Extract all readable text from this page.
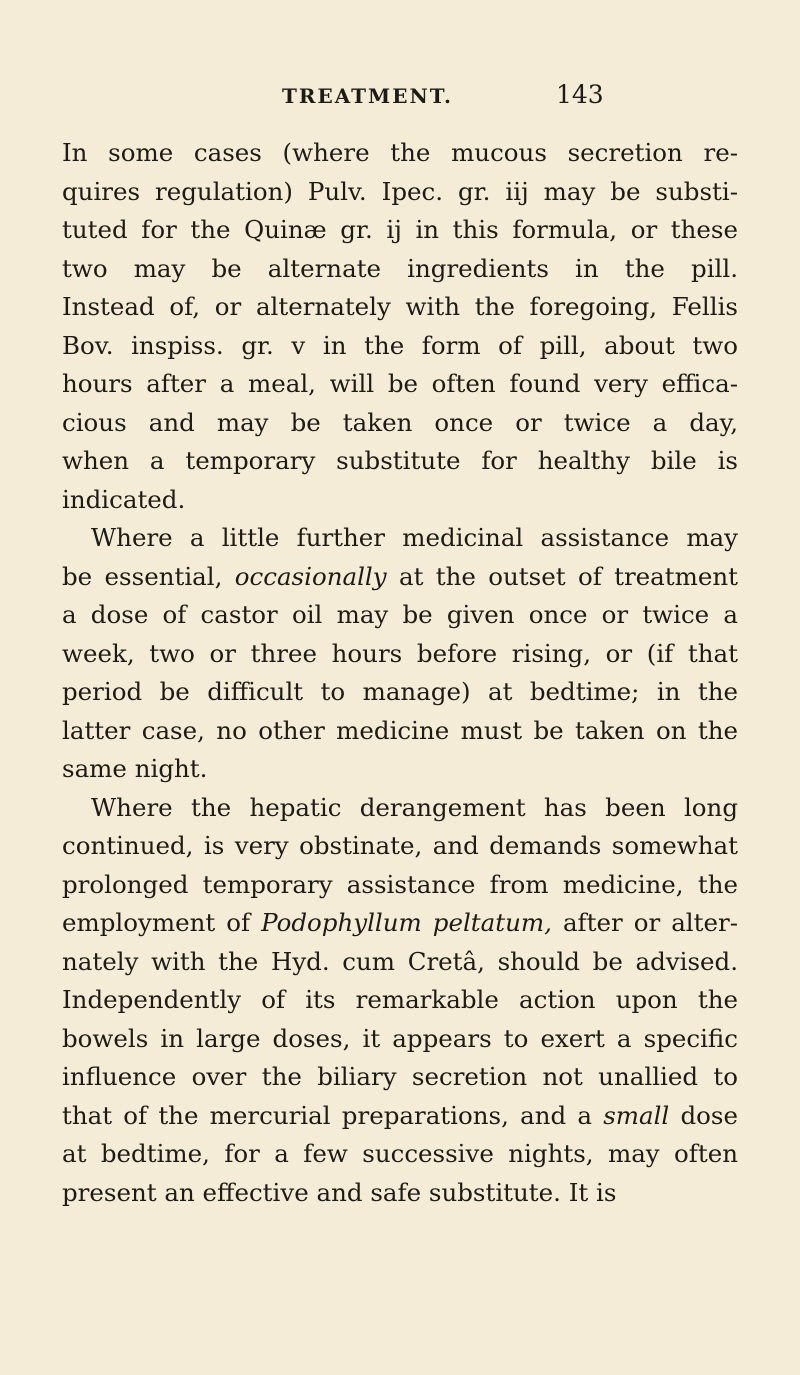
TREATMENT.	143
In some cases (where the mucous secretion re-
quires regulation) Pulv. Ipec. gr. iij may be substi-
tuted for the Quinæ gr. ij in this formula, or these
two may be alternate ingredients in the pill.
Instead of, or alternately with the foregoing, Fellis
Bov. inspiss. gr. v in the form of pill, about two
hours after a meal, will be often found very effica-
cious and may be taken once or twice a day,
when a temporary substitute for healthy bile is
indicated.
Where a little further medicinal assistance may
be essential, occasionally at the outset of treatment
a dose of castor oil may be given once or twice a
week, two or three hours before rising, or (if that
period be difficult to manage) at bedtime; in the
latter case, no other medicine must be taken on the
same night.
Where the hepatic derangement has been long
continued, is very obstinate, and demands somewhat
prolonged temporary assistance from medicine, the
employment of Podophyllum peltatum, after or alter-
nately with the Hyd. cum Cretâ, should be advised.
Independently of its remarkable action upon the
bowels in large doses, it appears to exert a specific
influence over the biliary secretion not unallied to
that of the mercurial preparations, and a small dose
at bedtime, for a few successive nights, may often
present an effective and safe substitute. It is
